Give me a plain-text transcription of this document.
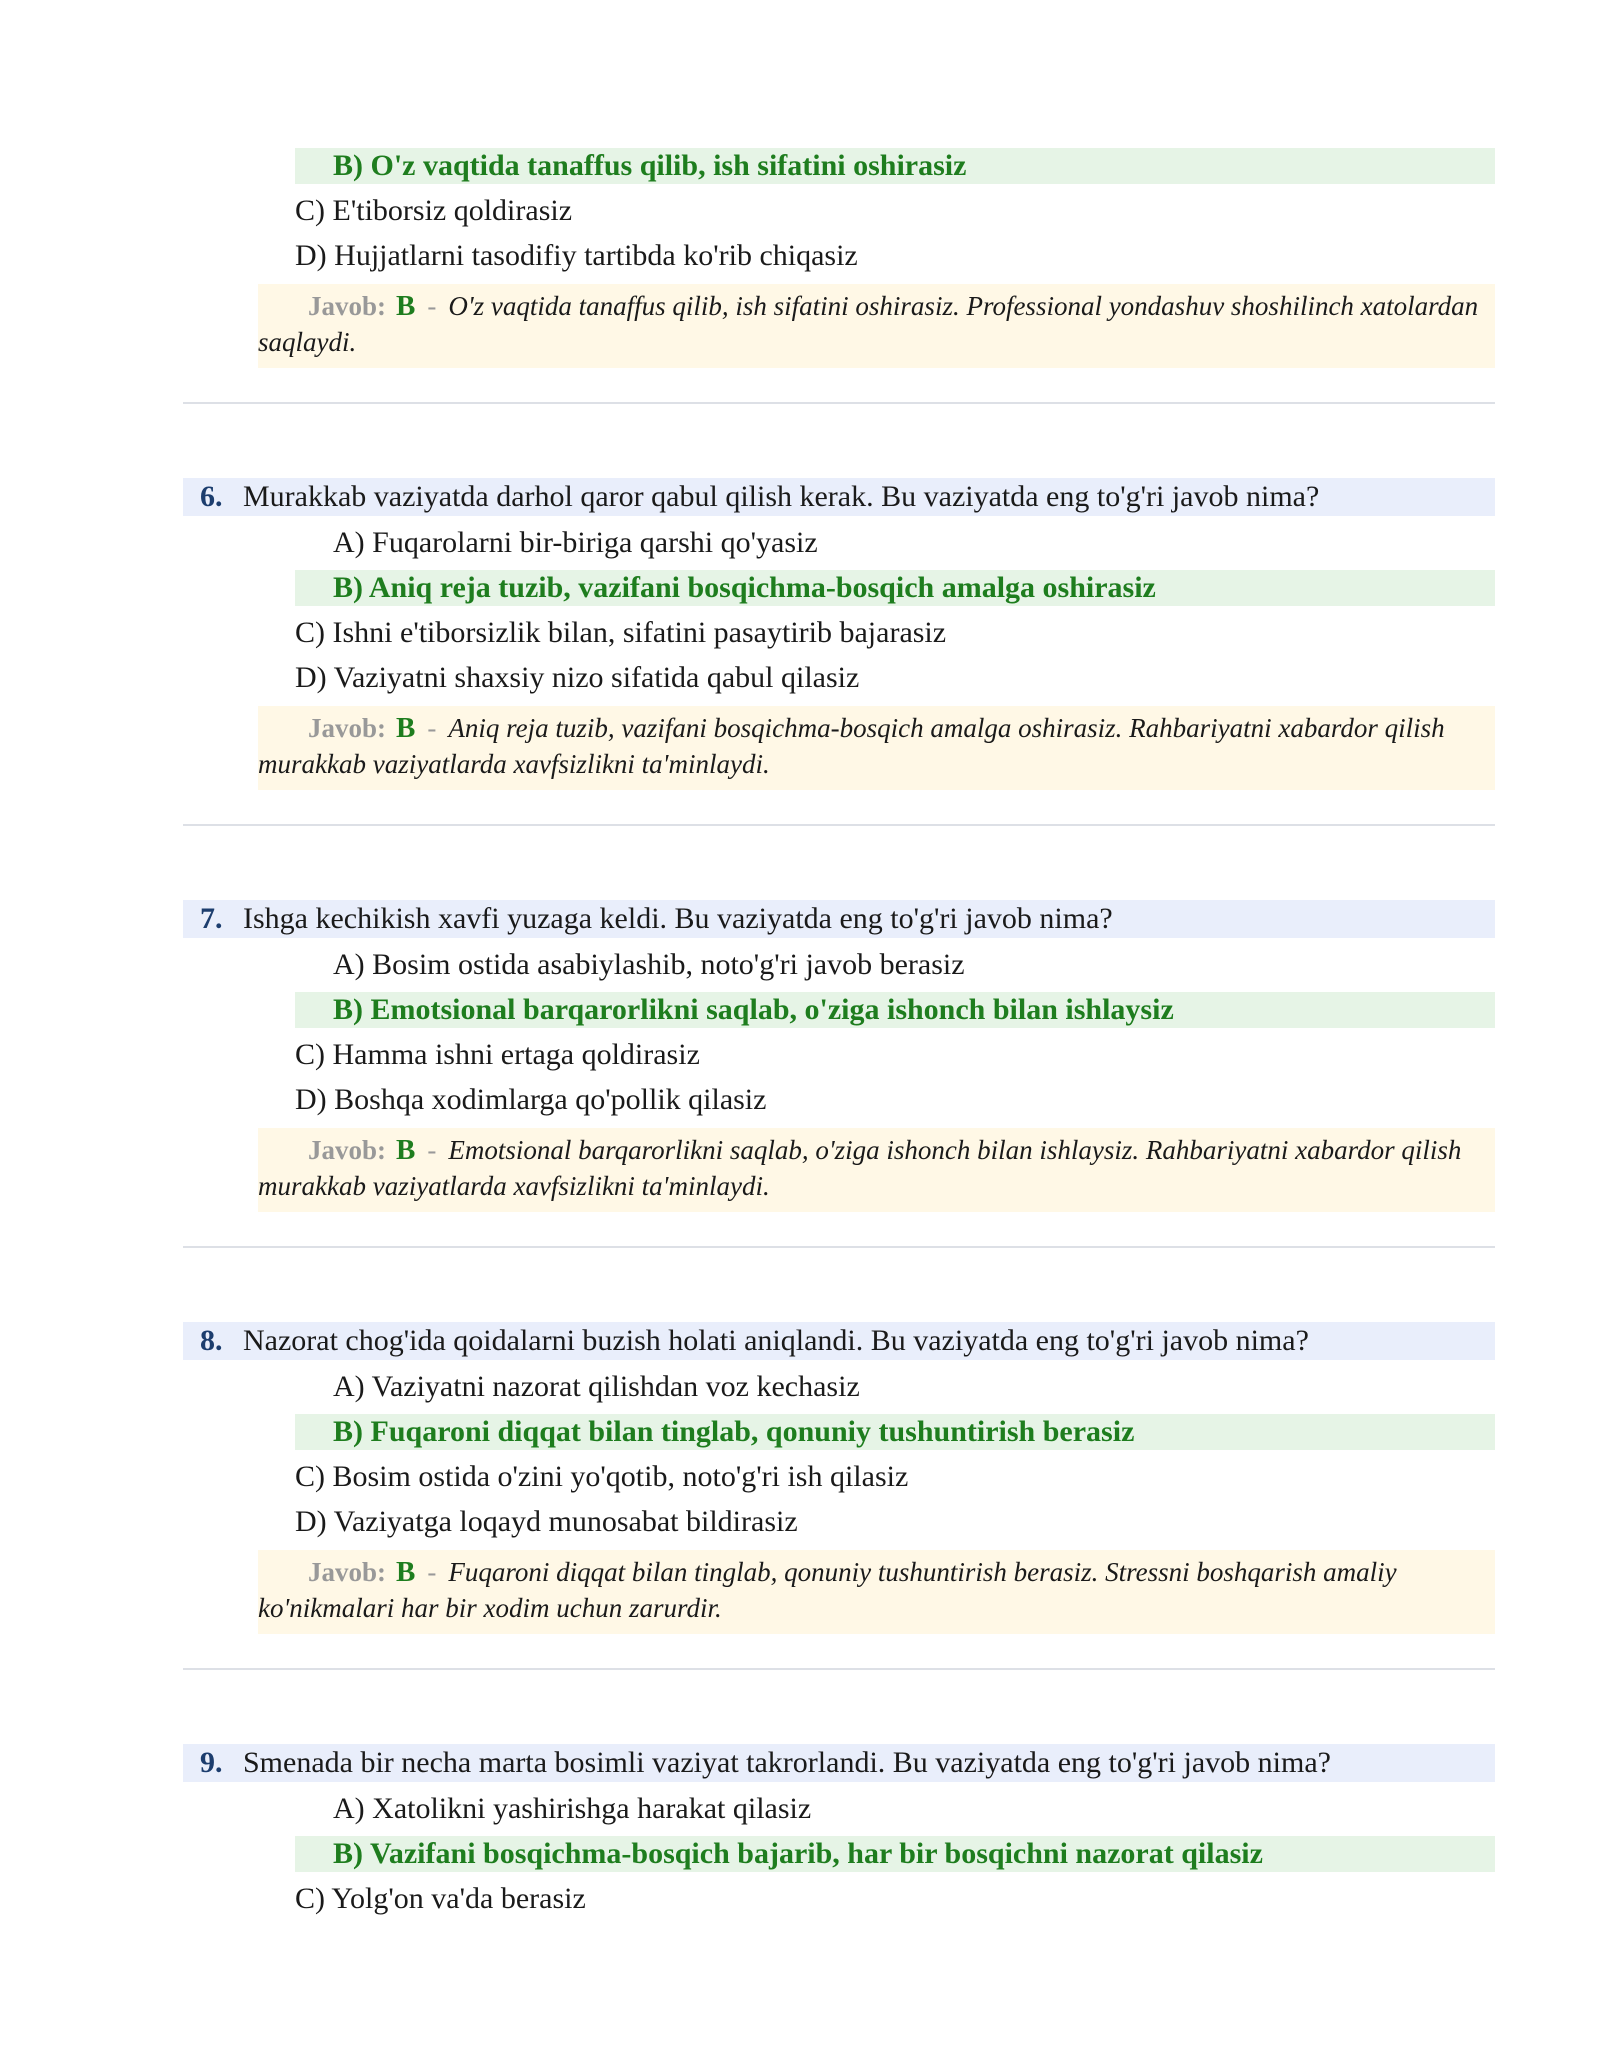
B) O'z vaqtida tanaffus qilib, ish sifatini oshirasiz
C) E'tiborsiz qoldirasiz
D) Hujjatlarni tasodifiy tartibda ko'rib chiqasiz
Javob: B - O'z vaqtida tanaffus qilib, ish sifatini oshirasiz. Professional yondashuv shoshilinch xatolardan saqlaydi.
6. Murakkab vaziyatda darhol qaror qabul qilish kerak. Bu vaziyatda eng to'g'ri javob nima?
A) Fuqarolarni bir-biriga qarshi qo'yasiz
B) Aniq reja tuzib, vazifani bosqichma-bosqich amalga oshirasiz
C) Ishni e'tiborsizlik bilan, sifatini pasaytirib bajarasiz
D) Vaziyatni shaxsiy nizo sifatida qabul qilasiz
Javob: B - Aniq reja tuzib, vazifani bosqichma-bosqich amalga oshirasiz. Rahbariyatni xabardor qilish murakkab vaziyatlarda xavfsizlikni ta'minlaydi.
7. Ishga kechikish xavfi yuzaga keldi. Bu vaziyatda eng to'g'ri javob nima?
A) Bosim ostida asabiylashib, noto'g'ri javob berasiz
B) Emotsional barqarorlikni saqlab, o'ziga ishonch bilan ishlaysiz
C) Hamma ishni ertaga qoldirasiz
D) Boshqa xodimlarga qo'pollik qilasiz
Javob: B - Emotsional barqarorlikni saqlab, o'ziga ishonch bilan ishlaysiz. Rahbariyatni xabardor qilish murakkab vaziyatlarda xavfsizlikni ta'minlaydi.
8. Nazorat chog'ida qoidalarni buzish holati aniqlandi. Bu vaziyatda eng to'g'ri javob nima?
A) Vaziyatni nazorat qilishdan voz kechasiz
B) Fuqaroni diqqat bilan tinglab, qonuniy tushuntirish berasiz
C) Bosim ostida o'zini yo'qotib, noto'g'ri ish qilasiz
D) Vaziyatga loqayd munosabat bildirasiz
Javob: B - Fuqaroni diqqat bilan tinglab, qonuniy tushuntirish berasiz. Stressni boshqarish amaliy ko'nikmalari har bir xodim uchun zarurdir.
9. Smenada bir necha marta bosimli vaziyat takrorlandi. Bu vaziyatda eng to'g'ri javob nima?
A) Xatolikni yashirishga harakat qilasiz
B) Vazifani bosqichma-bosqich bajarib, har bir bosqichni nazorat qilasiz
C) Yolg'on va'da berasiz
